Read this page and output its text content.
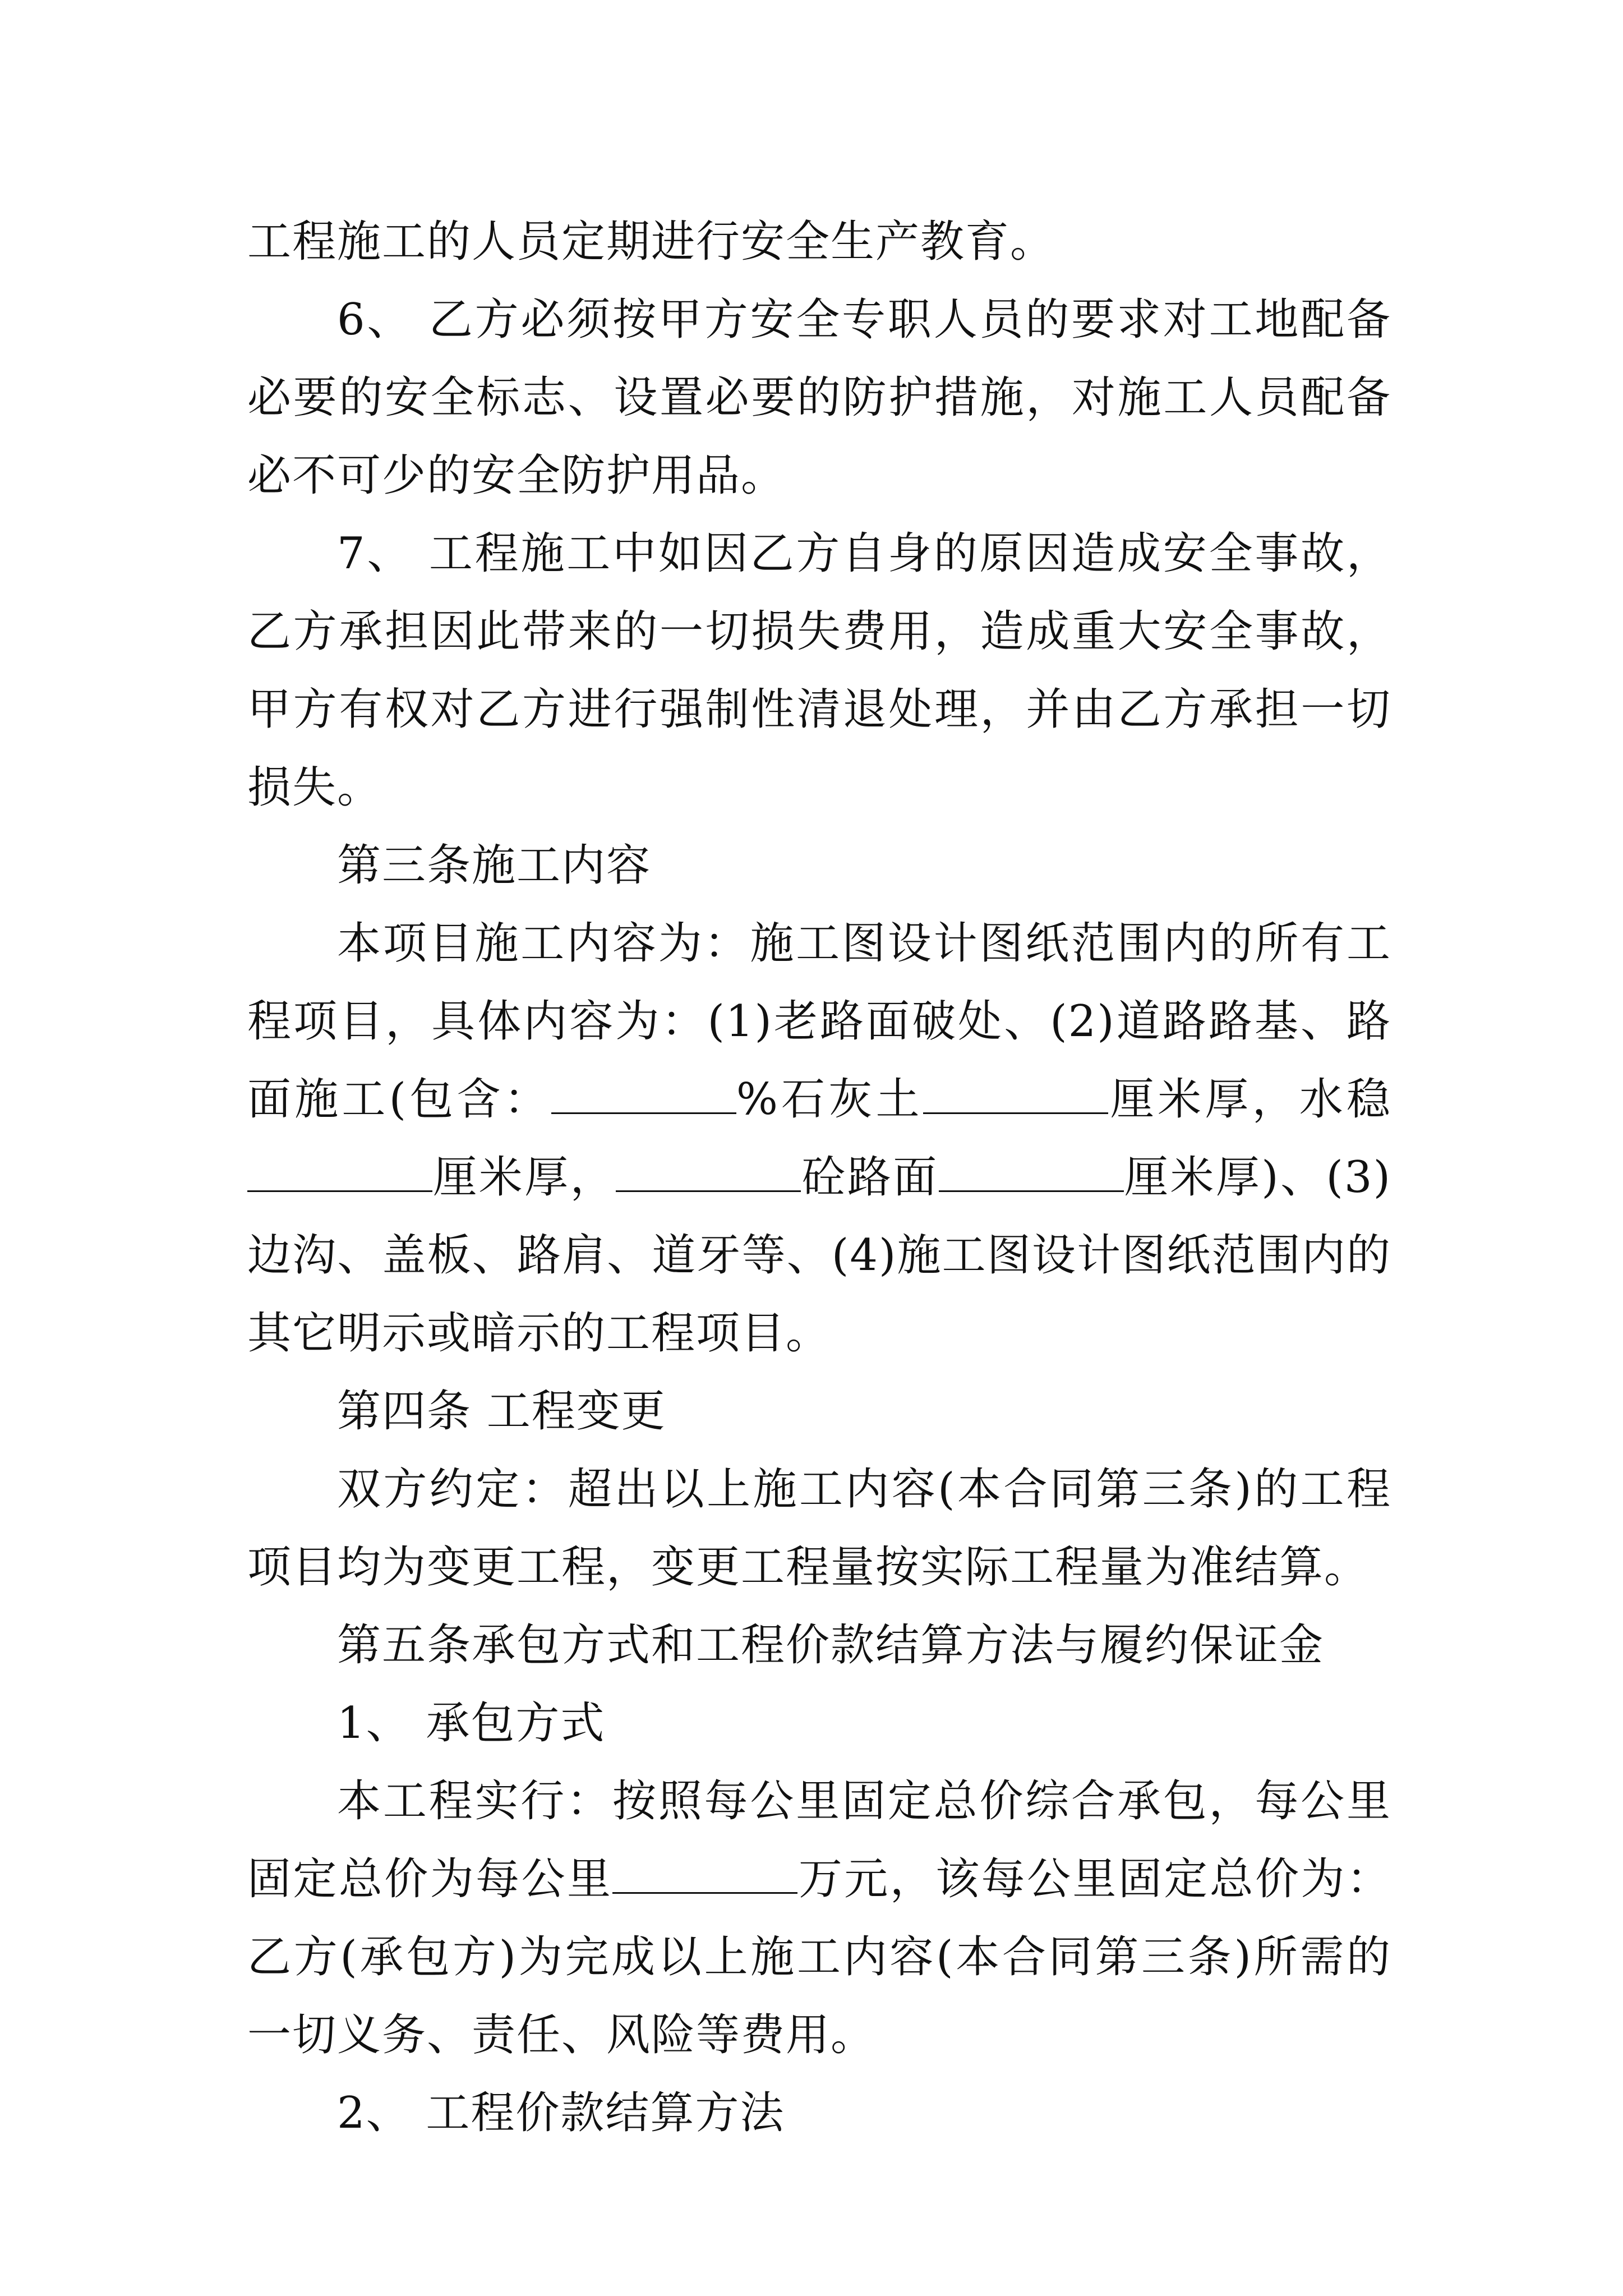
工程施工的人员定期进行安全生产教育。

6、 乙方必须按甲方安全专职人员的要求对工地配备必要的安全标志、设置必要的防护措施，对施工人员配备必不可少的安全防护用品。

7、 工程施工中如因乙方自身的原因造成安全事故，乙方承担因此带来的一切损失费用，造成重大安全事故，甲方有权对乙方进行强制性清退处理，并由乙方承担一切损失。

第三条施工内容

本项目施工内容为：施工图设计图纸范围内的所有工程项目，具体内容为：(1)老路面破处、(2)道路路基、路面施工(包含：	%石灰土	厘米厚，水稳厘米厚，	砼路面	厘米厚)、(3)边沟、盖板、路肩、道牙等、(4)施工图设计图纸范围内的其它明示或暗示的工程项目。

第四条 工程变更

双方约定：超出以上施工内容(本合同第三条)的工程项目均为变更工程，变更工程量按实际工程量为准结算。

第五条承包方式和工程价款结算方法与履约保证金

1、 承包方式

本工程实行：按照每公里固定总价综合承包，每公里固定总价为每公里	万元，该每公里固定总价为：乙方(承包方)为完成以上施工内容(本合同第三条)所需的一切义务、责任、风险等费用。

2、 工程价款结算方法
